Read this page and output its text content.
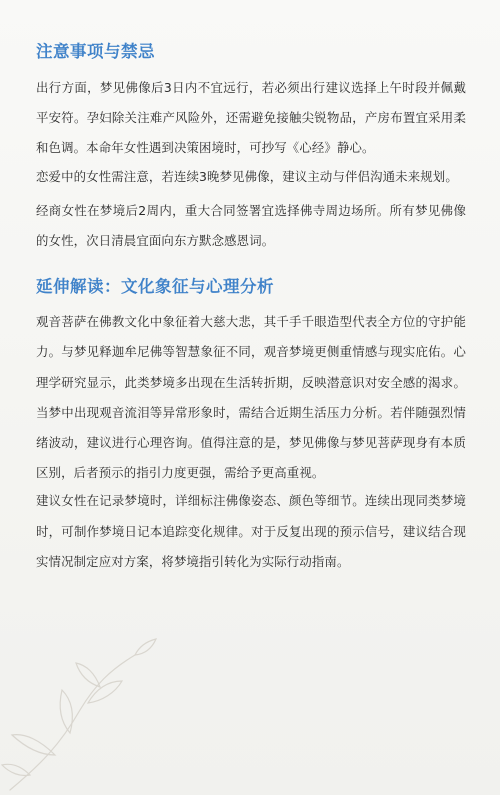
注意事项与禁忌

出行方面，梦见佛像后3日内不宜远行，若必须出行建议选择上午时段并佩戴平安符。孕妇除关注难产风险外，还需避免接触尖锐物品，产房布置宜采用柔和色调。本命年女性遇到决策困境时，可抄写《心经》静心。

恋爱中的女性需注意，若连续3晚梦见佛像，建议主动与伴侣沟通未来规划。

经商女性在梦境后2周内，重大合同签署宜选择佛寺周边场所。所有梦见佛像的女性，次日清晨宜面向东方默念感恩词。

延伸解读：文化象征与心理分析

观音菩萨在佛教文化中象征着大慈大悲，其千手千眼造型代表全方位的守护能力。与梦见释迦牟尼佛等智慧象征不同，观音梦境更侧重情感与现实庇佑。心理学研究显示，此类梦境多出现在生活转折期，反映潜意识对安全感的渴求。当梦中出现观音流泪等异常形象时，需结合近期生活压力分析。若伴随强烈情绪波动，建议进行心理咨询。值得注意的是，梦见佛像与梦见菩萨现身有本质区别，后者预示的指引力度更强，需给予更高重视。

建议女性在记录梦境时，详细标注佛像姿态、颜色等细节。连续出现同类梦境时，可制作梦境日记本追踪变化规律。对于反复出现的预示信号，建议结合现实情况制定应对方案，将梦境指引转化为实际行动指南。
